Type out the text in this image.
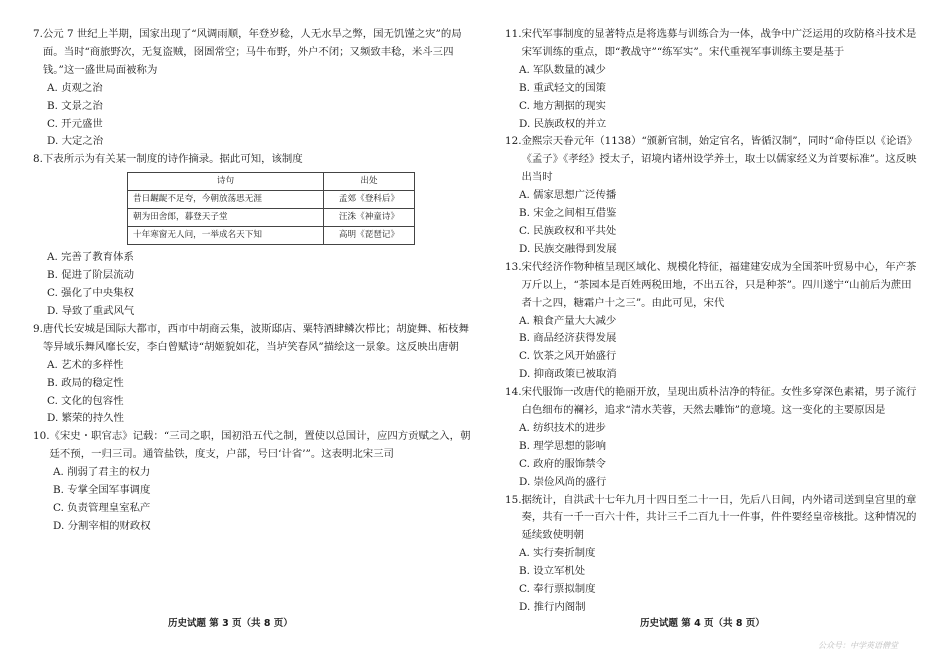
7. 公元 7 世纪上半期，国家出现了“风调雨顺，年登岁稔，人无水旱之弊，国无饥馑之灾”的局面。当时“商旅野次，无复盗贼，囹圄常空；马牛布野，外户不闭；又频致丰稔，米斗三四钱。”这一盛世局面被称为
A. 贞观之治
B. 文景之治
C. 开元盛世
D. 大定之治
8. 下表所示为有关某一制度的诗作摘录。据此可知，该制度
诗句	出处
昔日龌龊不足夸，今朝放荡思无涯	孟郊《登科后》
朝为田舍郎，暮登天子堂	汪洙《神童诗》
十年寒窗无人问，一举成名天下知	高明《琵琶记》
A. 完善了教育体系
B. 促进了阶层流动
C. 强化了中央集权
D. 导致了重武风气
9. 唐代长安城是国际大都市，西市中胡商云集，波斯邸店、粟特酒肆鳞次栉比；胡旋舞、柘枝舞等异域乐舞风靡长安，李白曾赋诗“胡姬貌如花，当垆笑春风”描绘这一景象。这反映出唐朝
A. 艺术的多样性
B. 政局的稳定性
C. 文化的包容性
D. 繁荣的持久性
10. 《宋史・职官志》记载：“三司之职，国初沿五代之制，置使以总国计，应四方贡赋之入，朝廷不预，一归三司。通管盐铁，度支，户部，号曰‘计省’”。这表明北宋三司
A. 削弱了君主的权力
B. 专掌全国军事调度
C. 负责管理皇室私产
D. 分割宰相的财政权
11. 宋代军事制度的显著特点是将选募与训练合为一体，战争中广泛运用的攻防格斗技术是宋军训练的重点，即“教战守”“练军实”。宋代重视军事训练主要是基于
A. 军队数量的减少
B. 重武轻文的国策
C. 地方割据的现实
D. 民族政权的并立
12. 金熙宗天眷元年（1138）“颁新官制，始定官名，皆循汉制”，同时“命侍臣以《论语》《孟子》《孝经》授太子，诏境内诸州设学养士，取士以儒家经义为首要标准”。这反映出当时
A. 儒家思想广泛传播
B. 宋金之间相互借鉴
C. 民族政权和平共处
D. 民族交融得到发展
13. 宋代经济作物种植呈现区域化、规模化特征，福建建安成为全国茶叶贸易中心，年产茶万斤以上，“茶园本是百姓两税田地，不出五谷，只是种茶”。四川遂宁“山前后为蔗田者十之四，糖霜户十之三”。由此可见，宋代
A. 粮食产量大大减少
B. 商品经济获得发展
C. 饮茶之风开始盛行
D. 抑商政策已被取消
14. 宋代服饰一改唐代的艳丽开放，呈现出质朴洁净的特征。女性多穿深色素裙，男子流行白色细布的襕衫，追求“清水芙蓉，天然去雕饰”的意境。这一变化的主要原因是
A. 纺织技术的进步
B. 理学思想的影响
C. 政府的服饰禁令
D. 崇俭风尚的盛行
15. 据统计，自洪武十七年九月十四日至二十一日，先后八日间，内外诸司送到皇宫里的章奏，共有一千一百六十件，共计三千二百九十一件事，件件要经皇帝核批。这种情况的延续致使明朝
A. 实行奏折制度
B. 设立军机处
C. 奉行票拟制度
D. 推行内阁制
历史试题 第 3 页（共 8 页）	历史试题 第 4 页（共 8 页）
公众号：中学英语僧堂
